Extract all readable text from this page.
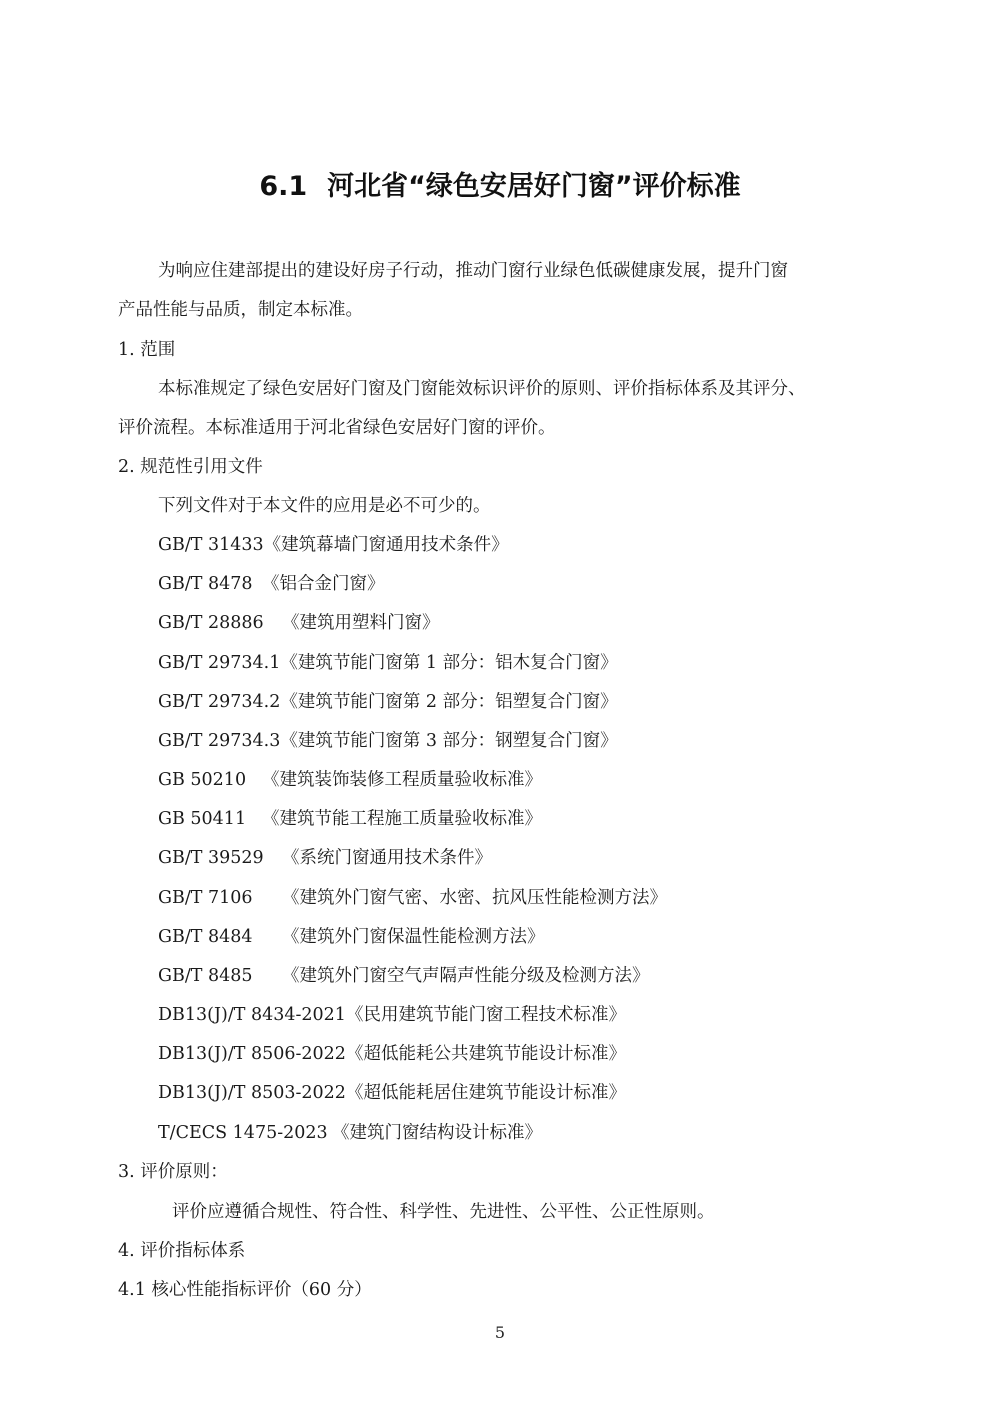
6.1 河北省“绿色安居好门窗”评价标准
为响应住建部提出的建设好房子行动，推动门窗行业绿色低碳健康发展，提升门窗
产品性能与品质，制定本标准。
1. 范围
本标准规定了绿色安居好门窗及门窗能效标识评价的原则、评价指标体系及其评分、
评价流程。本标准适用于河北省绿色安居好门窗的评价。
2. 规范性引用文件
下列文件对于本文件的应用是必不可少的。
GB/T 31433《建筑幕墙门窗通用技术条件》
GB/T 8478《铝合金门窗》
GB/T 28886《建筑用塑料门窗》
GB/T 29734.1《建筑节能门窗第 1 部分：铝木复合门窗》
GB/T 29734.2《建筑节能门窗第 2 部分：铝塑复合门窗》
GB/T 29734.3《建筑节能门窗第 3 部分：钢塑复合门窗》
GB 50210《建筑装饰装修工程质量验收标准》
GB 50411《建筑节能工程施工质量验收标准》
GB/T 39529《系统门窗通用技术条件》
GB/T 7106《建筑外门窗气密、水密、抗风压性能检测方法》
GB/T 8484《建筑外门窗保温性能检测方法》
GB/T 8485《建筑外门窗空气声隔声性能分级及检测方法》
DB13(J)/T 8434-2021《民用建筑节能门窗工程技术标准》
DB13(J)/T 8506-2022《超低能耗公共建筑节能设计标准》
DB13(J)/T 8503-2022《超低能耗居住建筑节能设计标准》
T/CECS 1475-2023《建筑门窗结构设计标准》
3. 评价原则：
评价应遵循合规性、符合性、科学性、先进性、公平性、公正性原则。
4. 评价指标体系
4.1 核心性能指标评价（60 分）
5
